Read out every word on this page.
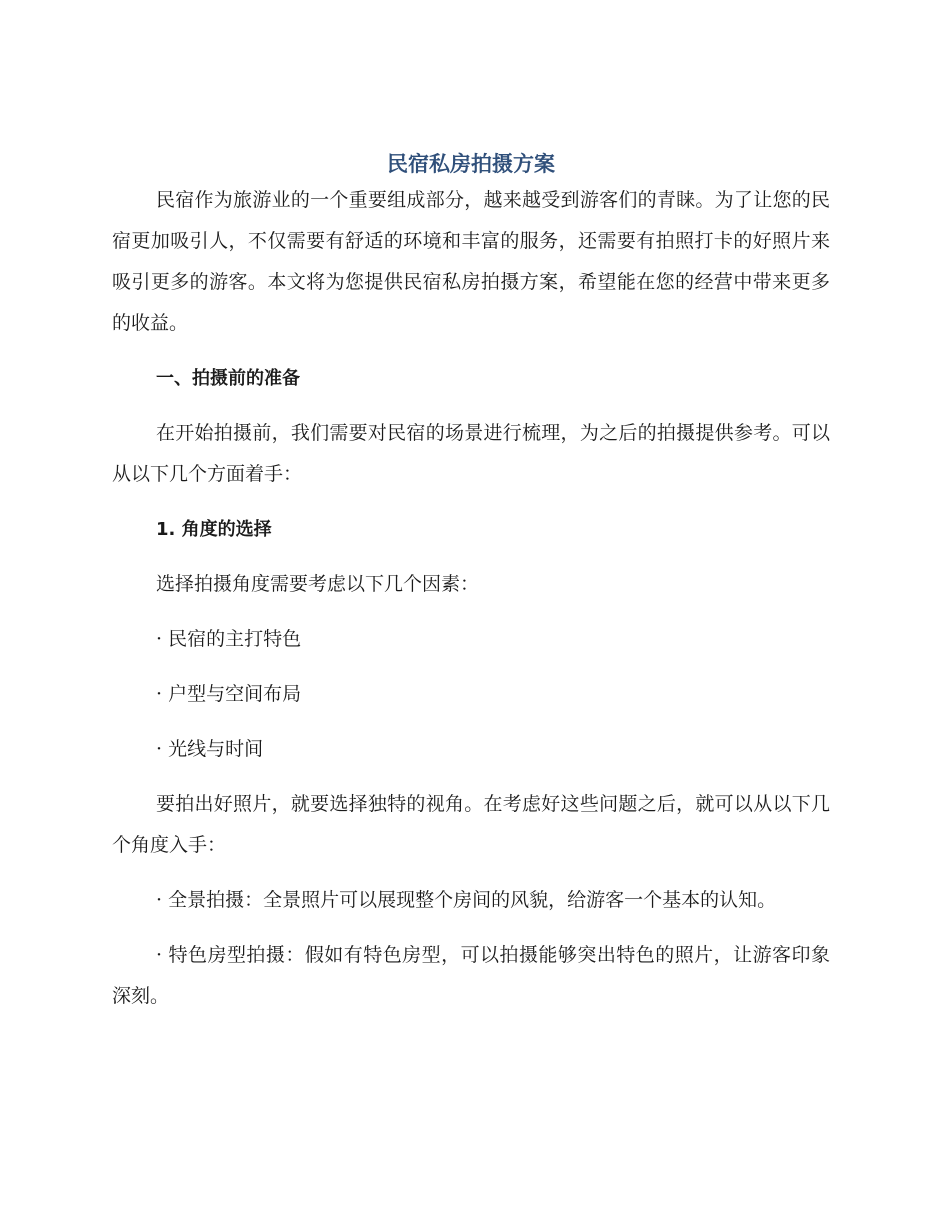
民宿私房拍摄方案

民宿作为旅游业的一个重要组成部分，越来越受到游客们的青睐。为了让您的民宿更加吸引人，不仅需要有舒适的环境和丰富的服务，还需要有拍照打卡的好照片来吸引更多的游客。本文将为您提供民宿私房拍摄方案，希望能在您的经营中带来更多的收益。

一、拍摄前的准备

在开始拍摄前，我们需要对民宿的场景进行梳理，为之后的拍摄提供参考。可以从以下几个方面着手：

1. 角度的选择

选择拍摄角度需要考虑以下几个因素：

· 民宿的主打特色

· 户型与空间布局

· 光线与时间

要拍出好照片，就要选择独特的视角。在考虑好这些问题之后，就可以从以下几个角度入手：

· 全景拍摄：全景照片可以展现整个房间的风貌，给游客一个基本的认知。

· 特色房型拍摄：假如有特色房型，可以拍摄能够突出特色的照片，让游客印象深刻。
